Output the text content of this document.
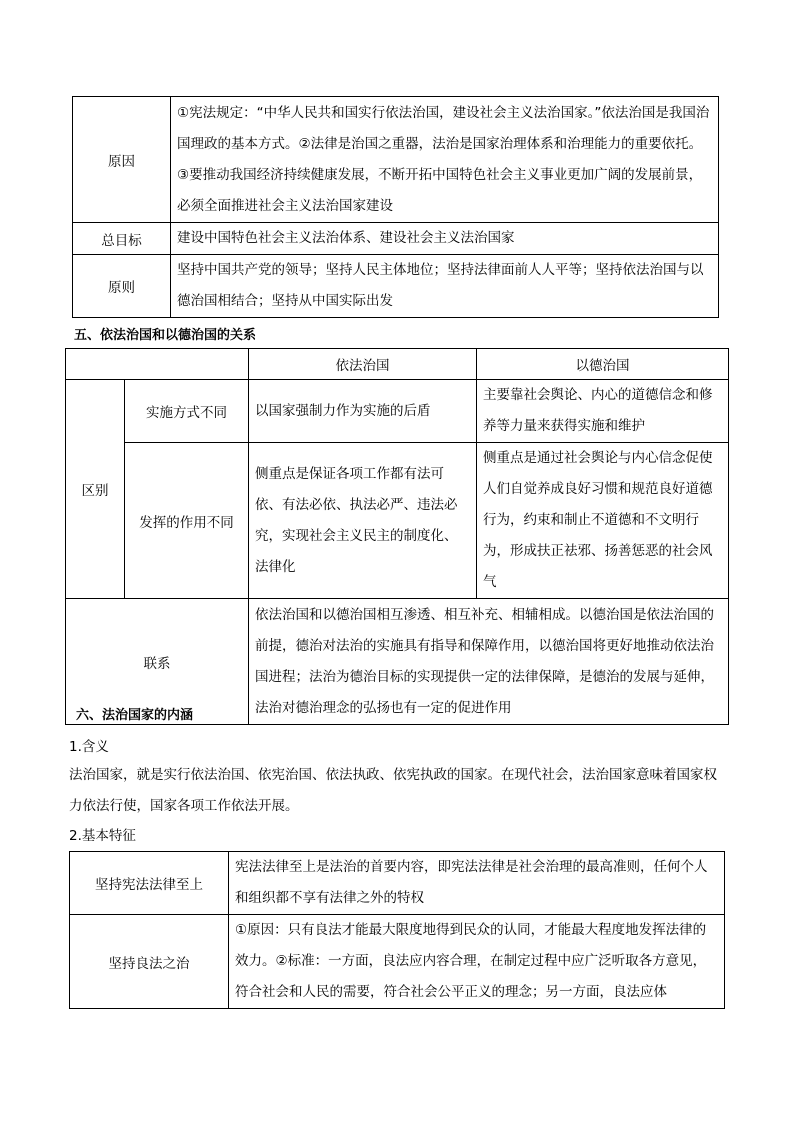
原因	①宪法规定：“中华人民共和国实行依法治国，建设社会主义法治国家。”依法治国是我国治国理政的基本方式。②法律是治国之重器，法治是国家治理体系和治理能力的重要依托。③要推动我国经济持续健康发展，不断开拓中国特色社会主义事业更加广阔的发展前景，必须全面推进社会主义法治国家建设
总目标	建设中国特色社会主义法治体系、建设社会主义法治国家
原则	坚持中国共产党的领导；坚持人民主体地位；坚持法律面前人人平等；坚持依法治国与以德治国相结合；坚持从中国实际出发
五、依法治国和以德治国的关系
		依法治国	以德治国
区别	实施方式不同	以国家强制力作为实施的后盾	主要靠社会舆论、内心的道德信念和修养等力量来获得实施和维护
	发挥的作用不同	侧重点是保证各项工作都有法可依、有法必依、执法必严、违法必究，实现社会主义民主的制度化、法律化	侧重点是通过社会舆论与内心信念促使人们自觉养成良好习惯和规范良好道德行为，约束和制止不道德和不文明行为，形成扶正祛邪、扬善惩恶的社会风气
联系		依法治国和以德治国相互渗透、相互补充、相辅相成。以德治国是依法治国的前提，德治对法治的实施具有指导和保障作用，以德治国将更好地推动依法治国进程；法治为德治目标的实现提供一定的法律保障，是德治的发展与延伸，法治对德治理念的弘扬也有一定的促进作用	
六、法治国家的内涵
1.含义
法治国家，就是实行依法治国、依宪治国、依法执政、依宪执政的国家。在现代社会，法治国家意味着国家权力依法行使，国家各项工作依法开展。
2.基本特征
坚持宪法法律至上	宪法法律至上是法治的首要内容，即宪法法律是社会治理的最高准则，任何个人和组织都不享有法律之外的特权
坚持良法之治	①原因：只有良法才能最大限度地得到民众的认同，才能最大程度地发挥法律的效力。②标准：一方面，良法应内容合理，在制定过程中应广泛听取各方意见，符合社会和人民的需要，符合社会公平正义的理念；另一方面，良法应体
